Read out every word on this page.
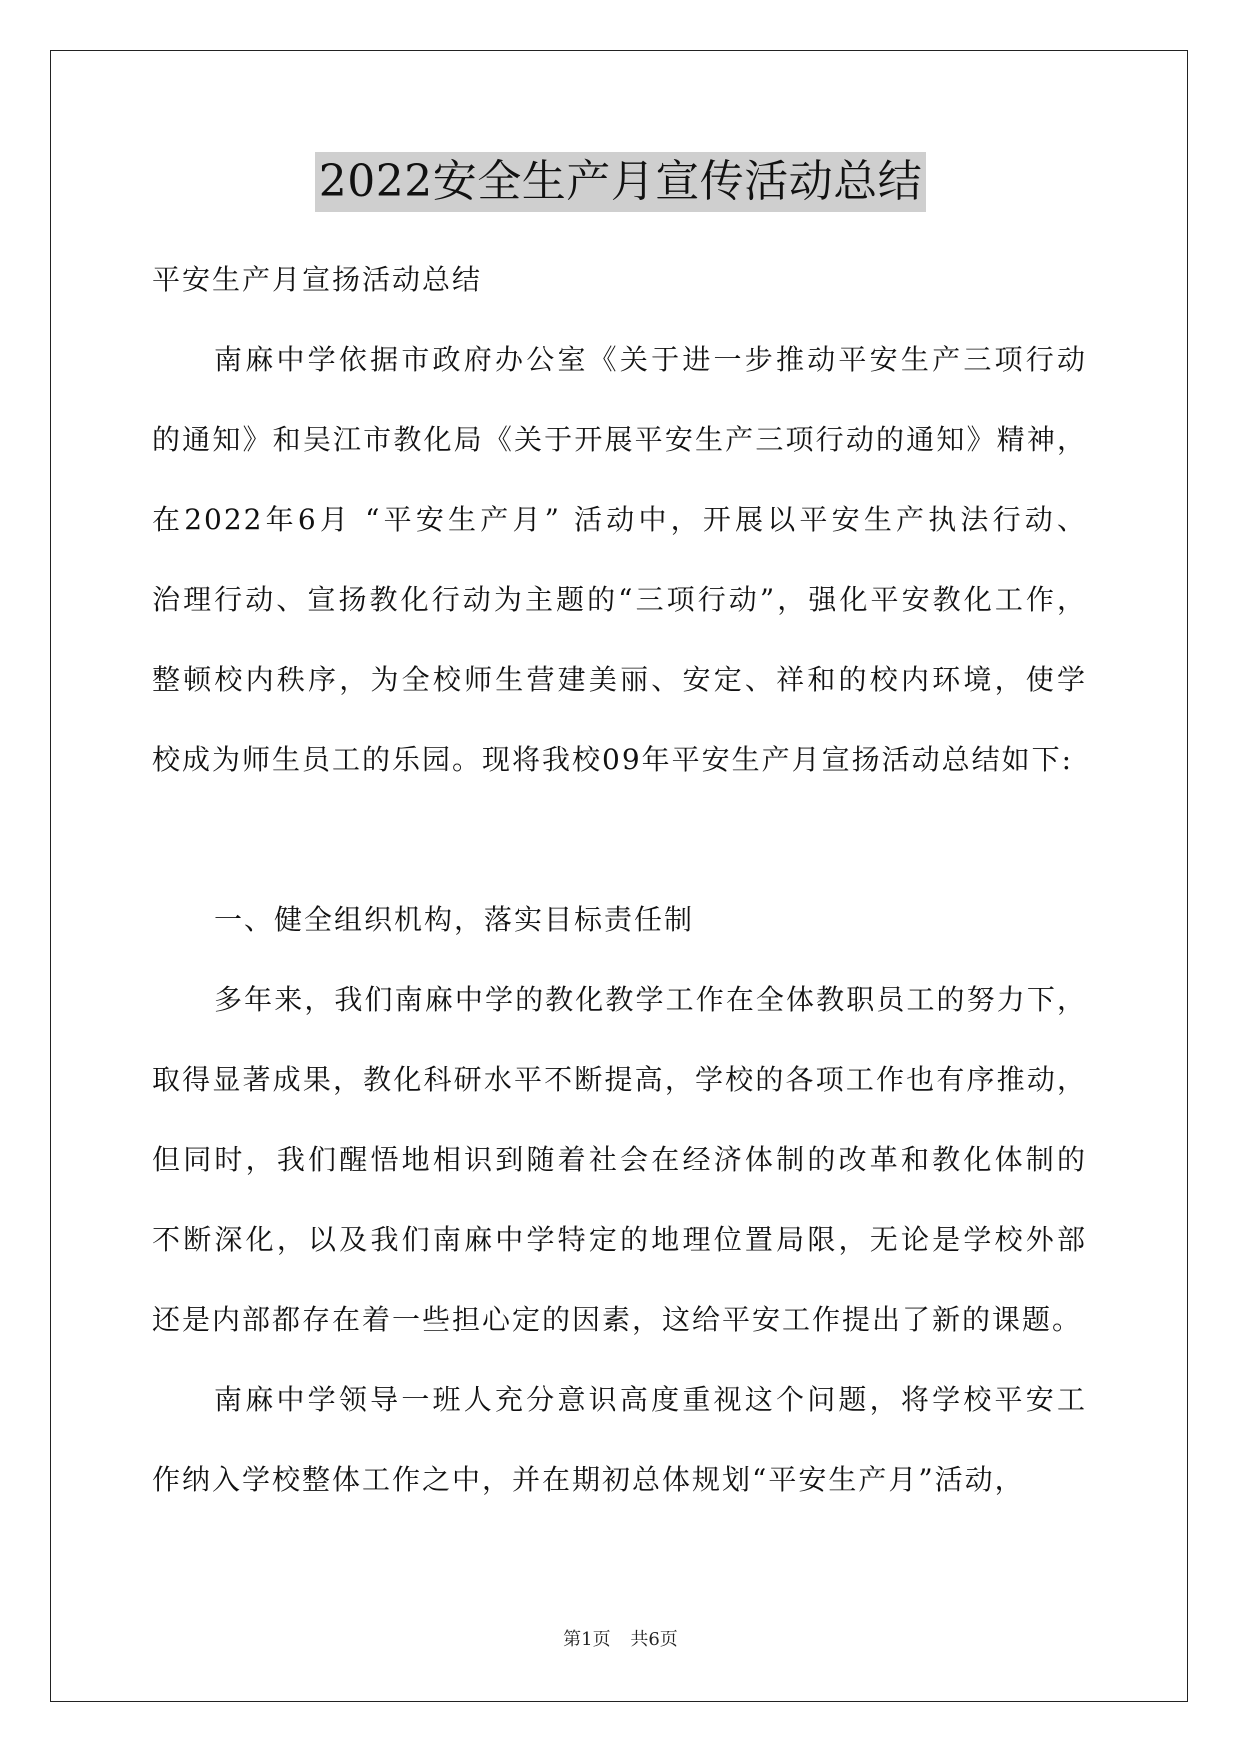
2022安全生产月宣传活动总结
平安生产月宣扬活动总结
南麻中学依据市政府办公室《关于进一步推动平安生产三项行动
的通知》和吴江市教化局《关于开展平安生产三项行动的通知》精神，
在2022年6月 “平安生产月” 活动中，开展以平安生产执法行动、
治理行动、宣扬教化行动为主题的“三项行动”，强化平安教化工作，
整顿校内秩序，为全校师生营建美丽、安定、祥和的校内环境，使学
校成为师生员工的乐园。现将我校09年平安生产月宣扬活动总结如下:
一、健全组织机构，落实目标责任制
多年来，我们南麻中学的教化教学工作在全体教职员工的努力下，
取得显著成果，教化科研水平不断提高，学校的各项工作也有序推动，
但同时，我们醒悟地相识到随着社会在经济体制的改革和教化体制的
不断深化，以及我们南麻中学特定的地理位置局限，无论是学校外部
还是内部都存在着一些担心定的因素，这给平安工作提出了新的课题。
南麻中学领导一班人充分意识高度重视这个问题，将学校平安工
作纳入学校整体工作之中，并在期初总体规划“平安生产月”活动，
第1页 共6页
